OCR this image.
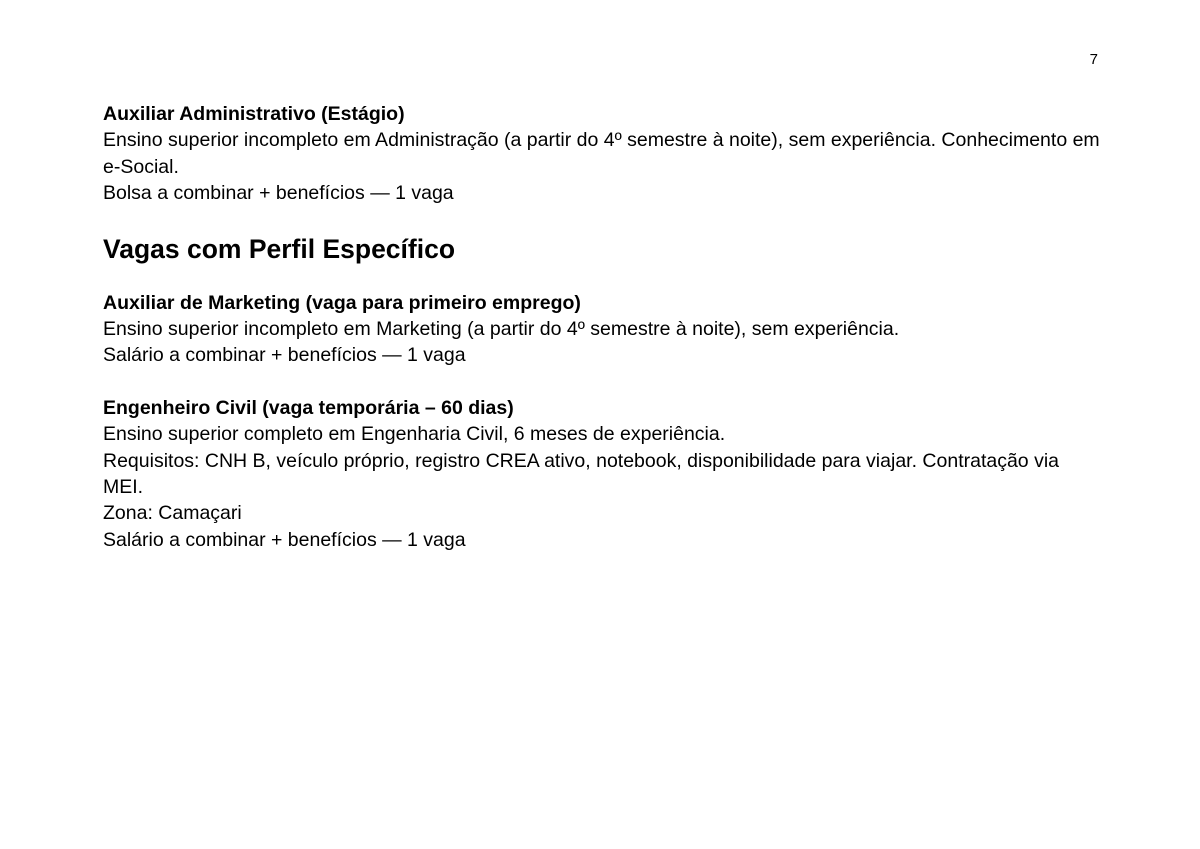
7
Auxiliar Administrativo (Estágio)
Ensino superior incompleto em Administração (a partir do 4º semestre à noite), sem experiência. Conhecimento em e-Social.
Bolsa a combinar + benefícios — 1 vaga
Vagas com Perfil Específico
Auxiliar de Marketing (vaga para primeiro emprego)
Ensino superior incompleto em Marketing (a partir do 4º semestre à noite), sem experiência.
Salário a combinar + benefícios — 1 vaga
Engenheiro Civil (vaga temporária – 60 dias)
Ensino superior completo em Engenharia Civil, 6 meses de experiência.
Requisitos: CNH B, veículo próprio, registro CREA ativo, notebook, disponibilidade para viajar. Contratação via MEI.
Zona: Camaçari
Salário a combinar + benefícios — 1 vaga
